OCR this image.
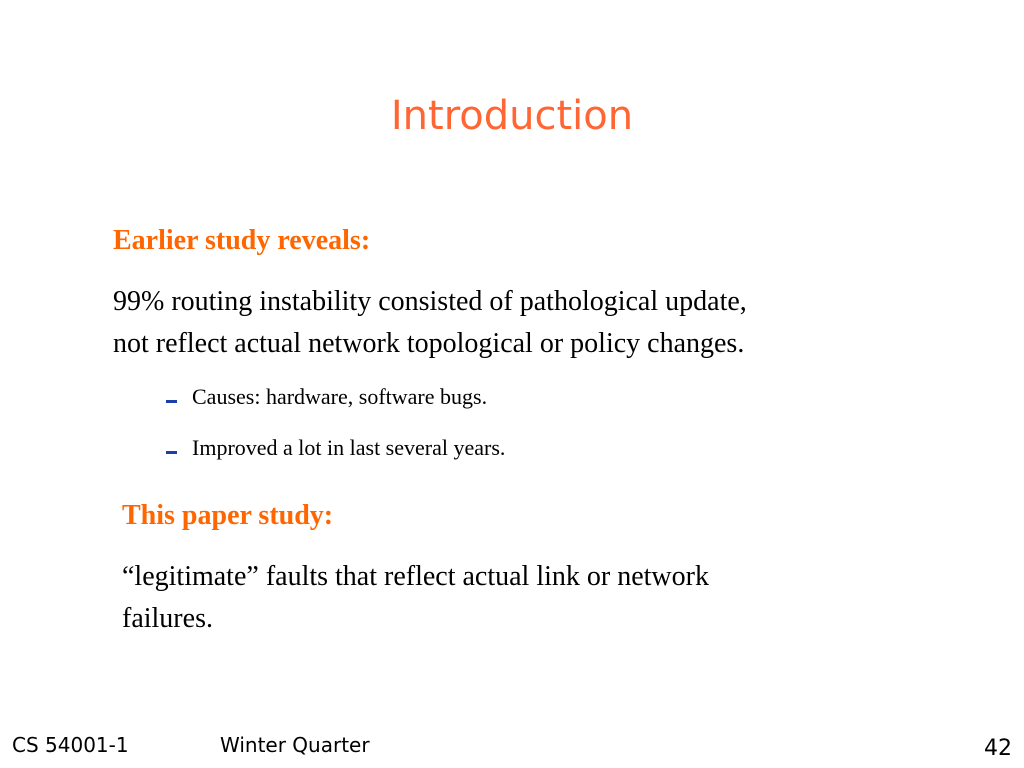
Introduction
Earlier study reveals:
99% routing instability consisted of pathological update,
not reflect actual network topological or policy changes.
Causes: hardware, software bugs.
Improved a lot in last several years.
This paper study:
“legitimate” faults that reflect actual link or network
failures.
CS 54001-1	Winter Quarter	42
